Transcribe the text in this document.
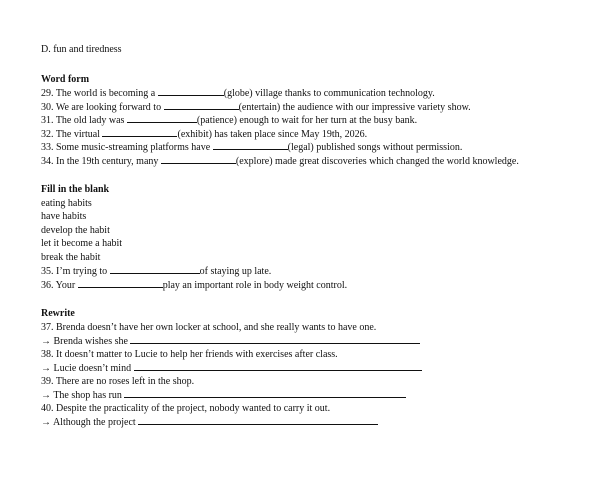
D. fun and tiredness
Word form
29. The world is becoming a	(globe) village thanks to communication technology.
30. We are looking forward to	(entertain) the audience with our impressive variety show.
31. The old lady was	(patience) enough to wait for her turn at the busy bank.
32. The virtual	(exhibit) has taken place since May 19th, 2026.
33. Some music-streaming platforms have	(legal) published songs without permission.
34. In the 19th century, many	(explore) made great discoveries which changed the world knowledge.
Fill in the blank
eating habits
have habits
develop the habit
let it become a habit
break the habit
35. I’m trying to	of staying up late.
36. Your	play an important role in body weight control.
Rewrite
37. Brenda doesn’t have her own locker at school, and she really wants to have one.
→ Brenda wishes she
38. It doesn’t matter to Lucie to help her friends with exercises after class.
→ Lucie doesn’t mind
39. There are no roses left in the shop.
→ The shop has run
40. Despite the practicality of the project, nobody wanted to carry it out.
→ Although the project
